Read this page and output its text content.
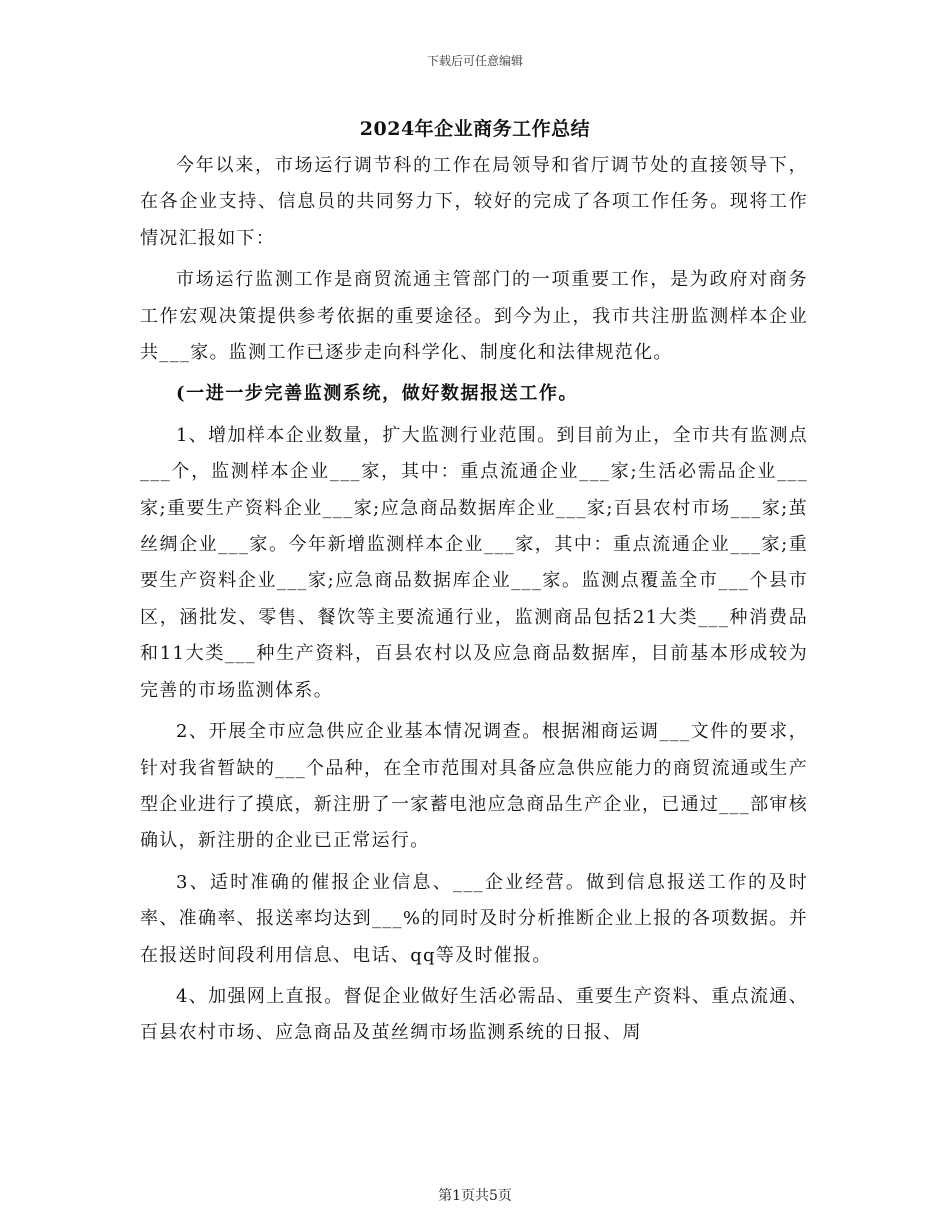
下载后可任意编辑
2024年企业商务工作总结

今年以来，市场运行调节科的工作在局领导和省厅调节处的直接领导下，在各企业支持、信息员的共同努力下，较好的完成了各项工作任务。现将工作情况汇报如下：

市场运行监测工作是商贸流通主管部门的一项重要工作，是为政府对商务工作宏观决策提供参考依据的重要途径。到今为止，我市共注册监测样本企业共___家。监测工作已逐步走向科学化、制度化和法律规范化。

(一进一步完善监测系统，做好数据报送工作。

1、增加样本企业数量，扩大监测行业范围。到目前为止，全市共有监测点___个，监测样本企业___家，其中：重点流通企业___家;生活必需品企业___家;重要生产资料企业___家;应急商品数据库企业___家;百县农村市场___家;茧丝绸企业___家。今年新增监测样本企业___家，其中：重点流通企业___家;重要生产资料企业___家;应急商品数据库企业___家。监测点覆盖全市___个县市区，涵批发、零售、餐饮等主要流通行业，监测商品包括21大类___种消费品和11大类___种生产资料，百县农村以及应急商品数据库，目前基本形成较为完善的市场监测体系。

2、开展全市应急供应企业基本情况调查。根据湘商运调___文件的要求，针对我省暂缺的___个品种，在全市范围对具备应急供应能力的商贸流通或生产型企业进行了摸底，新注册了一家蓄电池应急商品生产企业，已通过___部审核确认，新注册的企业已正常运行。

3、适时准确的催报企业信息、___企业经营。做到信息报送工作的及时率、准确率、报送率均达到___%的同时及时分析推断企业上报的各项数据。并在报送时间段利用信息、电话、qq等及时催报。

4、加强网上直报。督促企业做好生活必需品、重要生产资料、重点流通、百县农村市场、应急商品及茧丝绸市场监测系统的日报、周

第1页共5页
